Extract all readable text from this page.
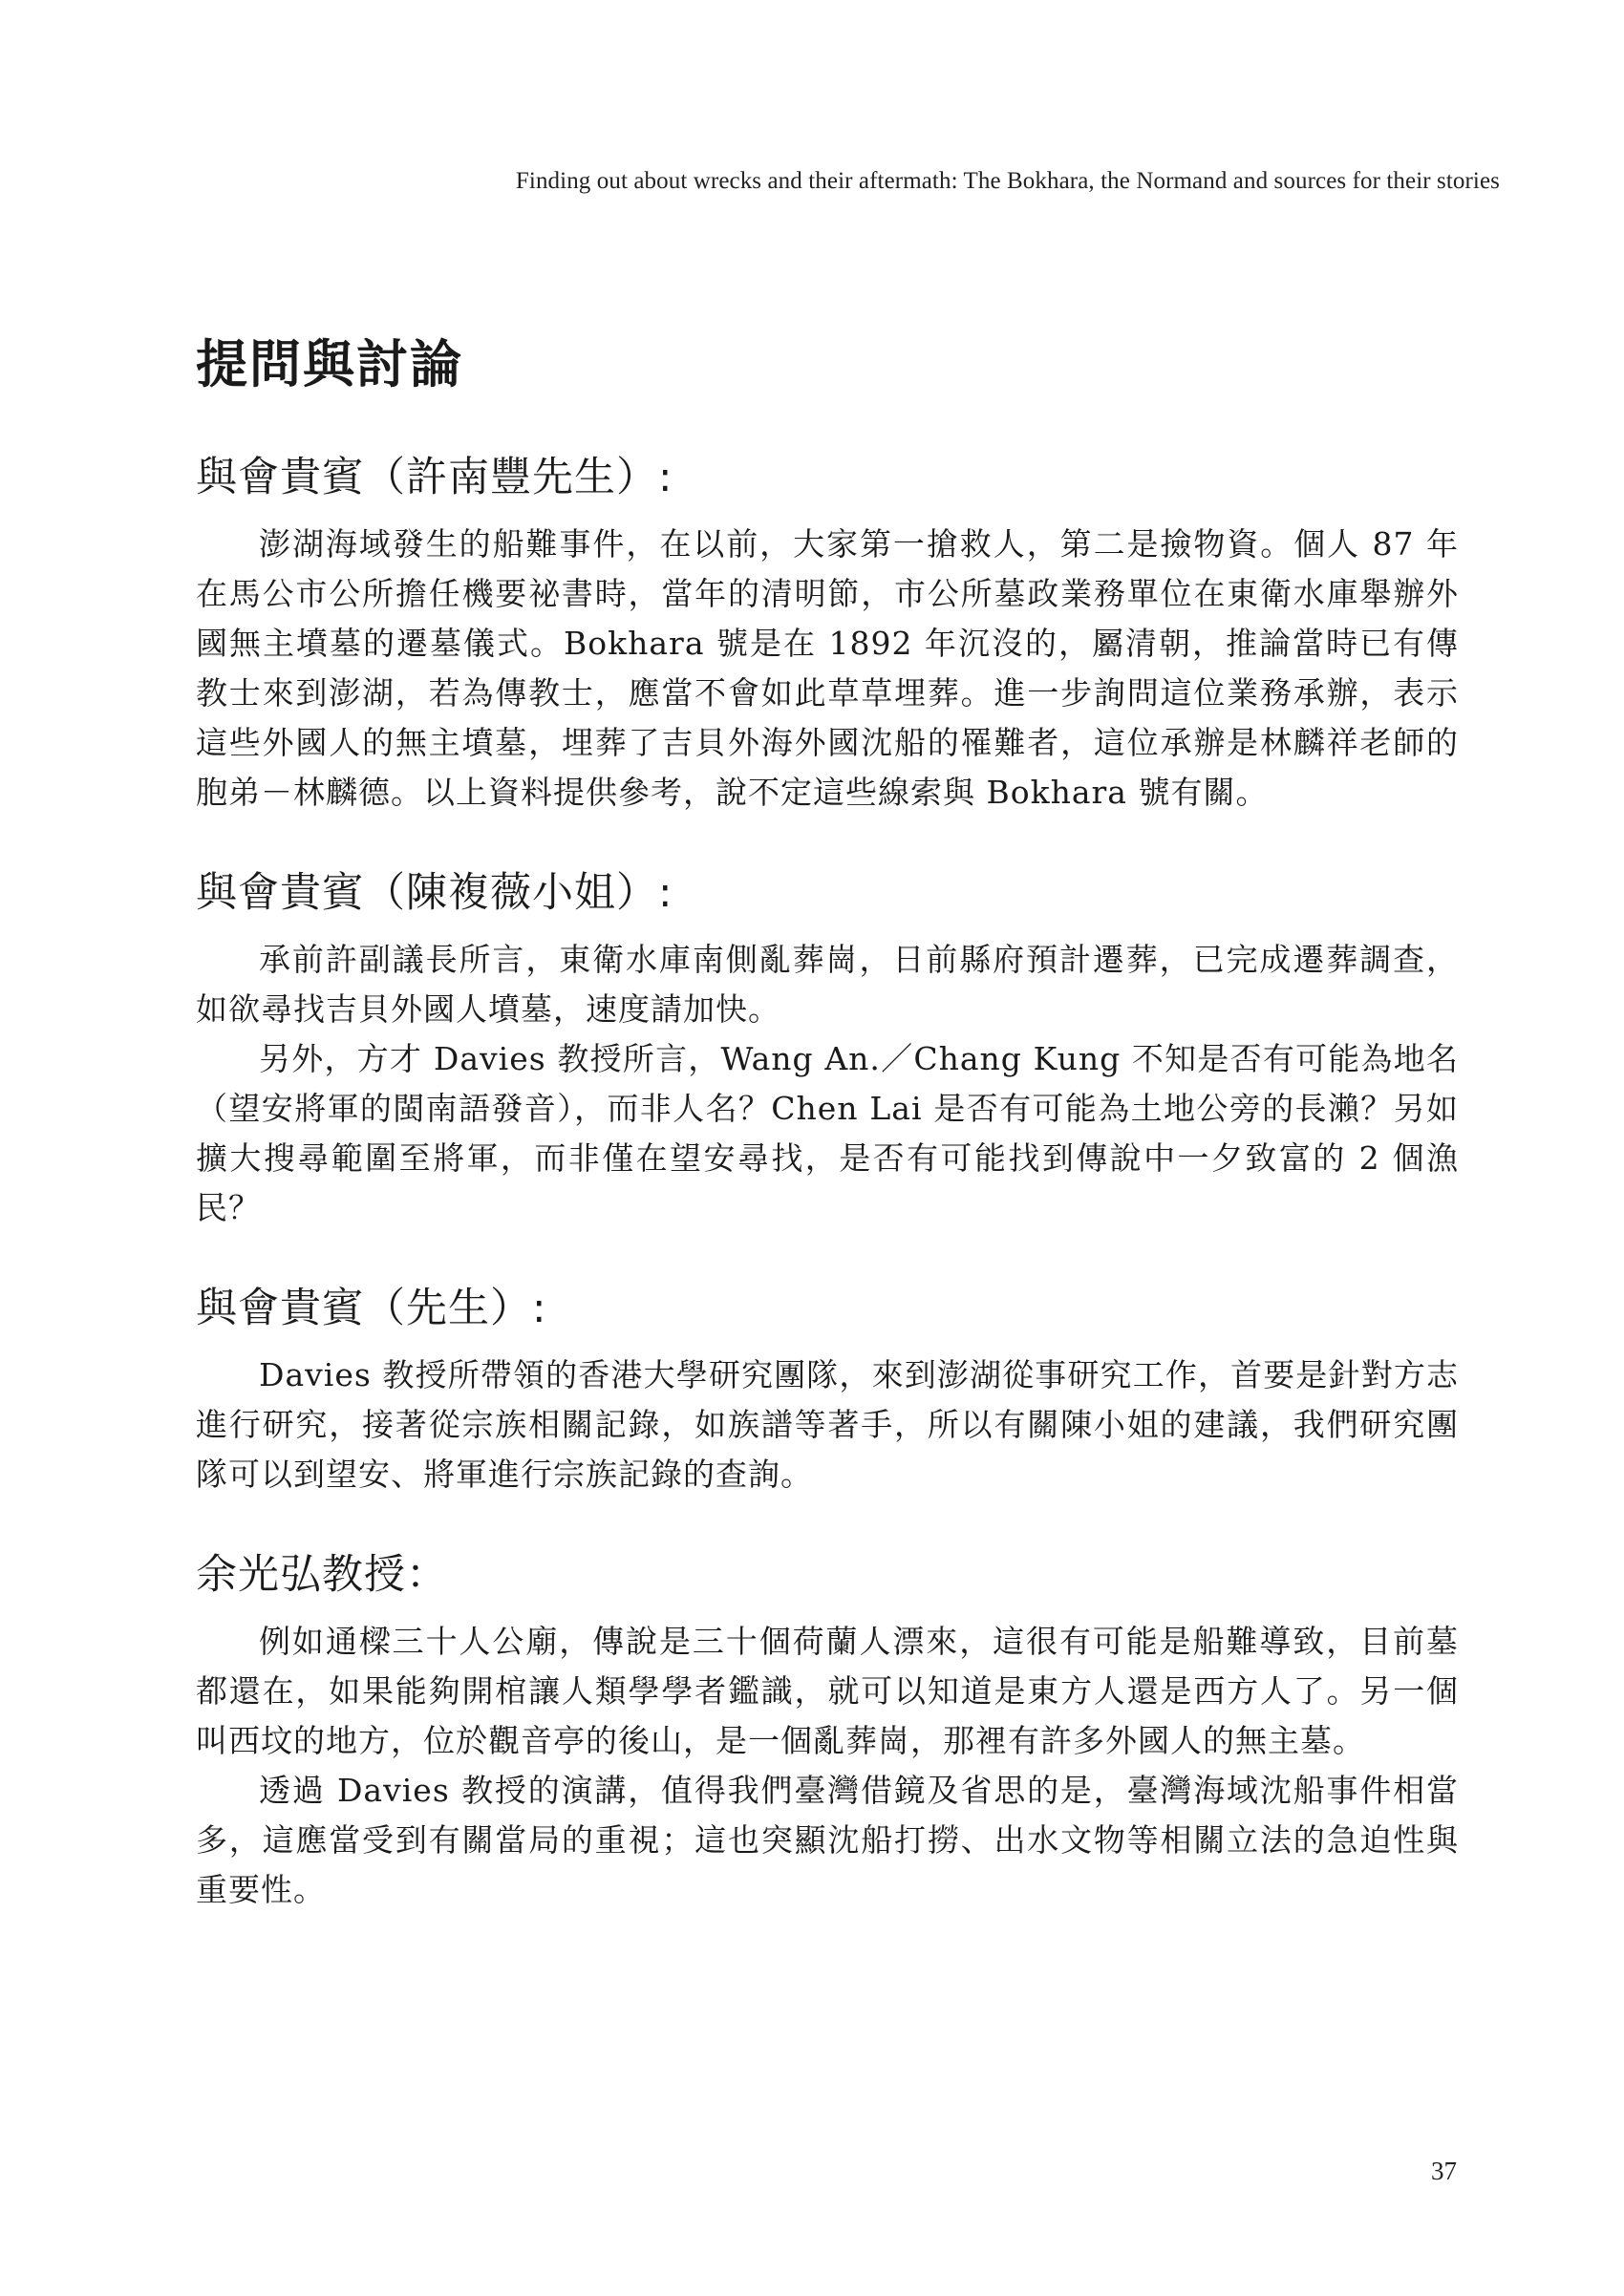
Finding out about wrecks and their aftermath: The Bokhara, the Normand and sources for their stories
提問與討論
與會貴賓（許南豐先生）:

澎湖海域發生的船難事件，在以前，大家第一搶救人，第二是撿物資。個人 87 年在馬公市公所擔任機要祕書時，當年的清明節，市公所墓政業務單位在東衛水庫舉辦外國無主墳墓的遷墓儀式。Bokhara 號是在 1892 年沉沒的，屬清朝，推論當時已有傳教士來到澎湖，若為傳教士，應當不會如此草草埋葬。進一步詢問這位業務承辦，表示這些外國人的無主墳墓，埋葬了吉貝外海外國沈船的罹難者，這位承辦是林麟祥老師的胞弟－林麟德。以上資料提供參考，說不定這些線索與 Bokhara 號有關。

與會貴賓（陳複薇小姐）:

承前許副議長所言，東衛水庫南側亂葬崗，日前縣府預計遷葬，已完成遷葬調查，如欲尋找吉貝外國人墳墓，速度請加快。

另外，方才 Davies 教授所言，Wang An.／Chang Kung 不知是否有可能為地名（望安將軍的閩南語發音），而非人名？Chen Lai 是否有可能為土地公旁的長瀨？另如擴大搜尋範圍至將軍，而非僅在望安尋找，是否有可能找到傳說中一夕致富的 2 個漁民？

與會貴賓（先生）:

Davies 教授所帶領的香港大學研究團隊，來到澎湖從事研究工作，首要是針對方志進行研究，接著從宗族相關記錄，如族譜等著手，所以有關陳小姐的建議，我們研究團隊可以到望安、將軍進行宗族記錄的查詢。

余光弘教授：

例如通樑三十人公廟，傳說是三十個荷蘭人漂來，這很有可能是船難導致，目前墓都還在，如果能夠開棺讓人類學學者鑑識，就可以知道是東方人還是西方人了。另一個叫西坟的地方，位於觀音亭的後山，是一個亂葬崗，那裡有許多外國人的無主墓。

透過 Davies 教授的演講，值得我們臺灣借鏡及省思的是，臺灣海域沈船事件相當多，這應當受到有關當局的重視；這也突顯沈船打撈、出水文物等相關立法的急迫性與重要性。

37
